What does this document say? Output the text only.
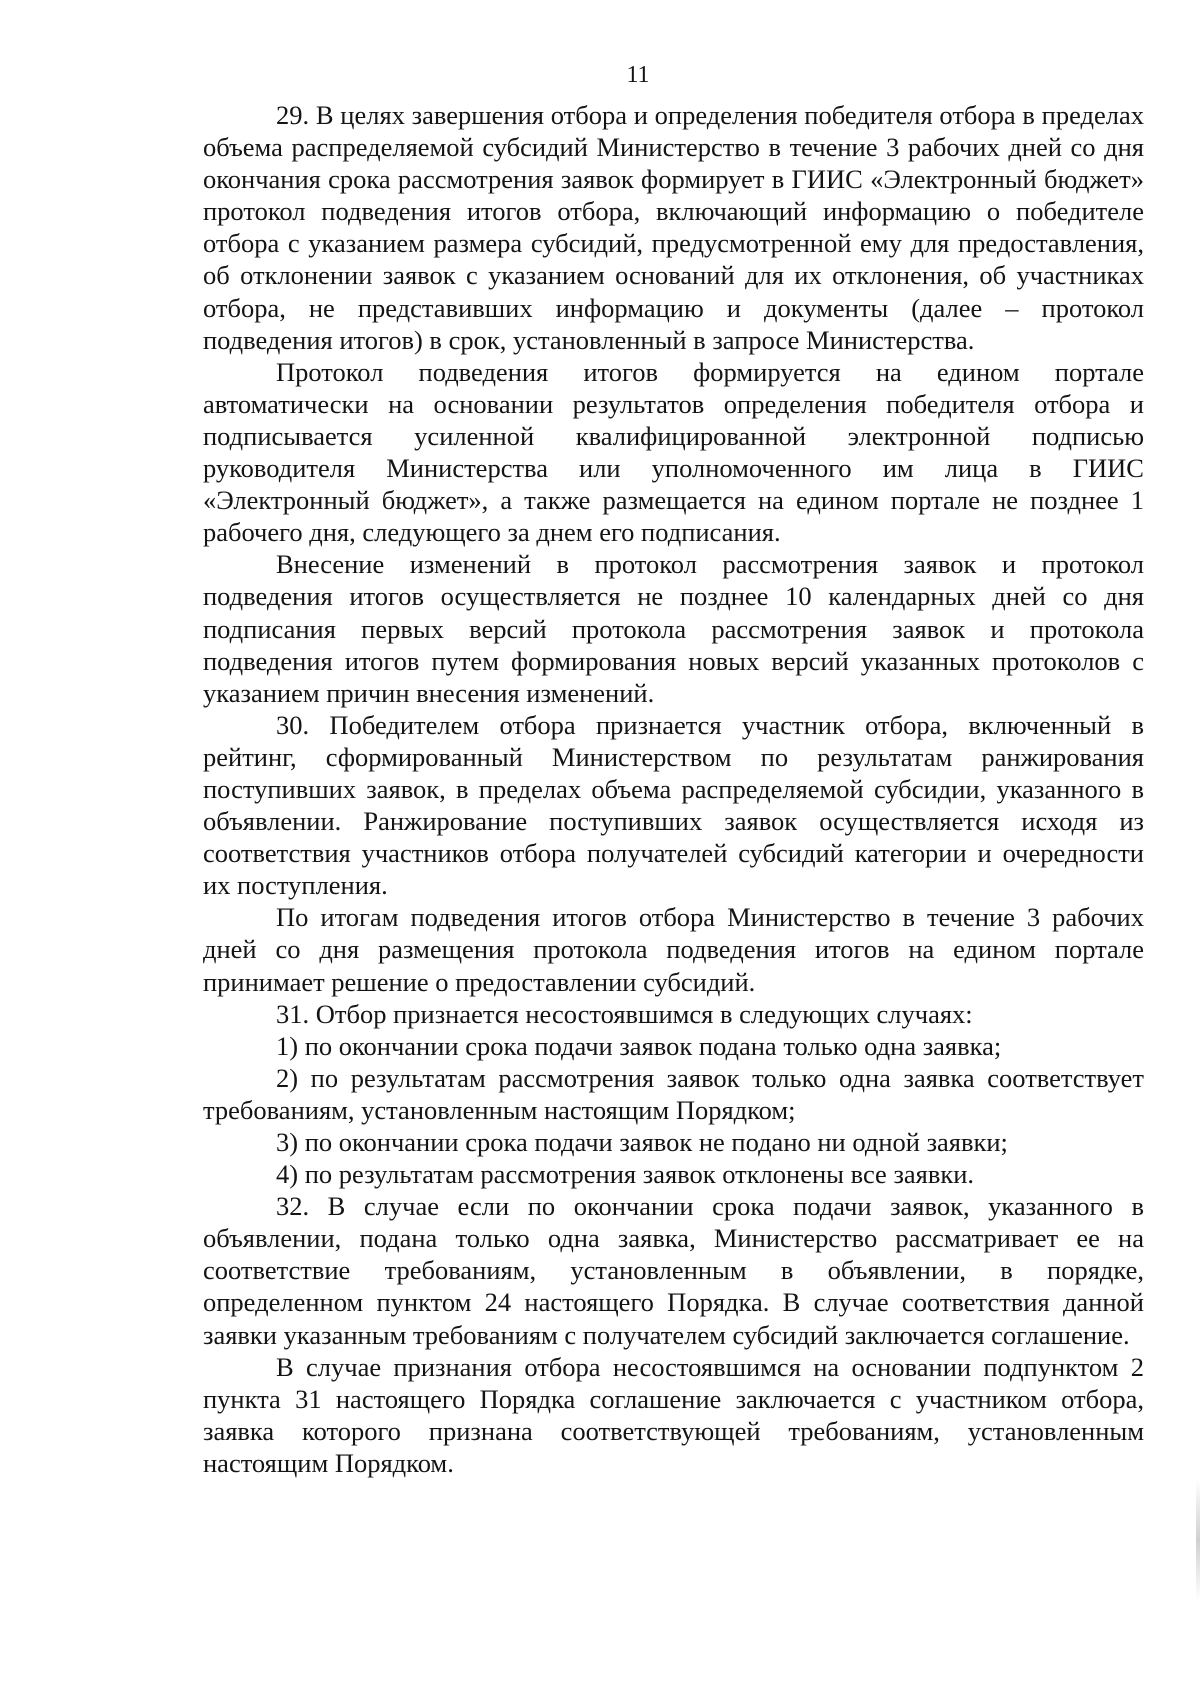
11

29. В целях завершения отбора и определения победителя отбора в пределах объема распределяемой субсидий Министерство в течение 3 рабочих дней со дня окончания срока рассмотрения заявок формирует в ГИИС «Электронный бюджет» протокол подведения итогов отбора, включающий информацию о победителе отбора с указанием размера субсидий, предусмотренной ему для предоставления, об отклонении заявок с указанием оснований для их отклонения, об участниках отбора, не представивших информацию и документы (далее – протокол подведения итогов) в срок, установленный в запросе Министерства.

Протокол подведения итогов формируется на едином портале автоматически на основании результатов определения победителя отбора и подписывается усиленной квалифицированной электронной подписью руководителя Министерства или уполномоченного им лица в ГИИС «Электронный бюджет», а также размещается на едином портале не позднее 1 рабочего дня, следующего за днем его подписания.

Внесение изменений в протокол рассмотрения заявок и протокол подведения итогов осуществляется не позднее 10 календарных дней со дня подписания первых версий протокола рассмотрения заявок и протокола подведения итогов путем формирования новых версий указанных протоколов с указанием причин внесения изменений.

30. Победителем отбора признается участник отбора, включенный в рейтинг, сформированный Министерством по результатам ранжирования поступивших заявок, в пределах объема распределяемой субсидии, указанного в объявлении. Ранжирование поступивших заявок осуществляется исходя из соответствия участников отбора получателей субсидий категории и очередности их поступления.

По итогам подведения итогов отбора Министерство в течение 3 рабочих дней со дня размещения протокола подведения итогов на едином портале принимает решение о предоставлении субсидий.

31. Отбор признается несостоявшимся в следующих случаях:

1) по окончании срока подачи заявок подана только одна заявка;

2) по результатам рассмотрения заявок только одна заявка соответствует требованиям, установленным настоящим Порядком;

3) по окончании срока подачи заявок не подано ни одной заявки;

4) по результатам рассмотрения заявок отклонены все заявки.

32. В случае если по окончании срока подачи заявок, указанного в объявлении, подана только одна заявка, Министерство рассматривает ее на соответствие требованиям, установленным в объявлении, в порядке, определенном пунктом 24 настоящего Порядка. В случае соответствия данной заявки указанным требованиям с получателем субсидий заключается соглашение.

В случае признания отбора несостоявшимся на основании подпунктом 2 пункта 31 настоящего Порядка соглашение заключается с участником отбора, заявка которого признана соответствующей требованиям, установленным настоящим Порядком.
